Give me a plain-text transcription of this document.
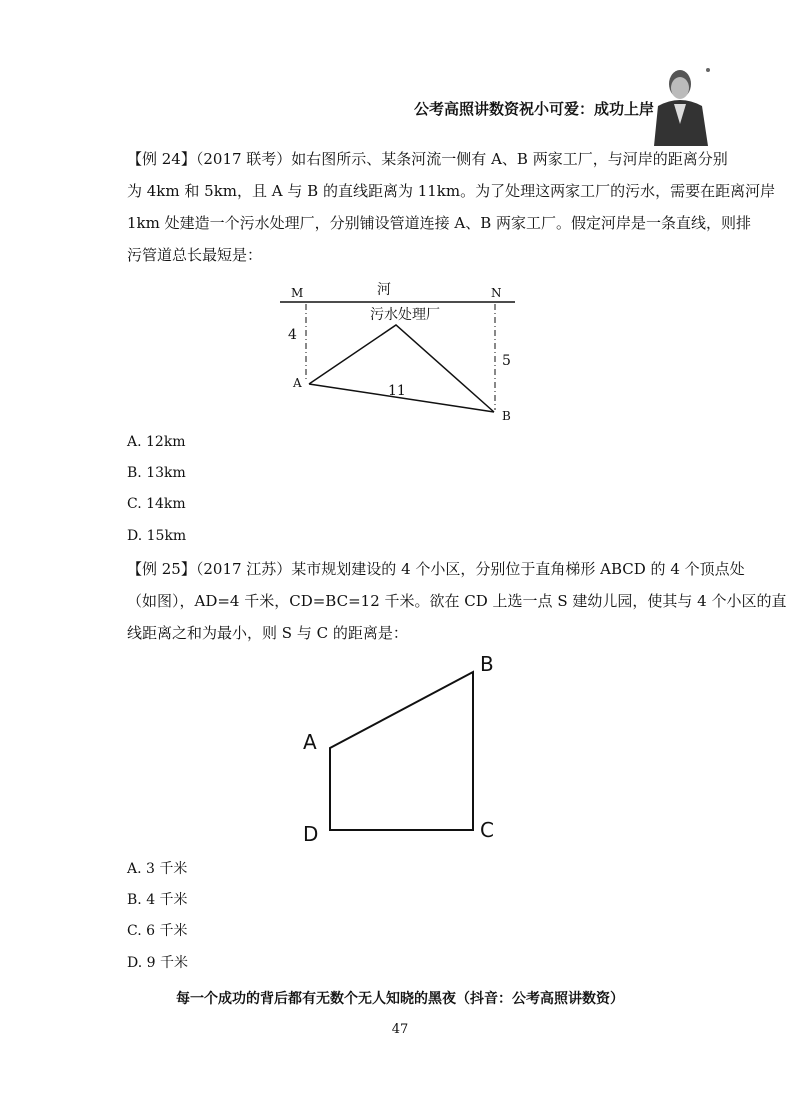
公考高照讲数资祝小可爱：成功上岸
【例 24】（2017 联考）如右图所示、某条河流一侧有 A、B 两家工厂，与河岸的距离分别
为 4km 和 5km，且 A 与 B 的直线距离为 11km。为了处理这两家工厂的污水，需要在距离河岸
1km 处建造一个污水处理厂，分别铺设管道连接 A、B 两家工厂。假定河岸是一条直线，则排
污管道总长最短是：
M	N
河
污水处理厂
4
5
11
A
B
A. 12km
B. 13km
C. 14km
D. 15km
【例 25】（2017 江苏）某市规划建设的 4 个小区，分别位于直角梯形 ABCD 的 4 个顶点处
（如图），AD=4 千米，CD=BC=12 千米。欲在 CD 上选一点 S 建幼儿园，使其与 4 个小区的直
线距离之和为最小，则 S 与 C 的距离是：
A
B
C
D
A. 3 千米
B. 4 千米
C. 6 千米
D. 9 千米
每一个成功的背后都有无数个无人知晓的黑夜（抖音：公考高照讲数资）
47
